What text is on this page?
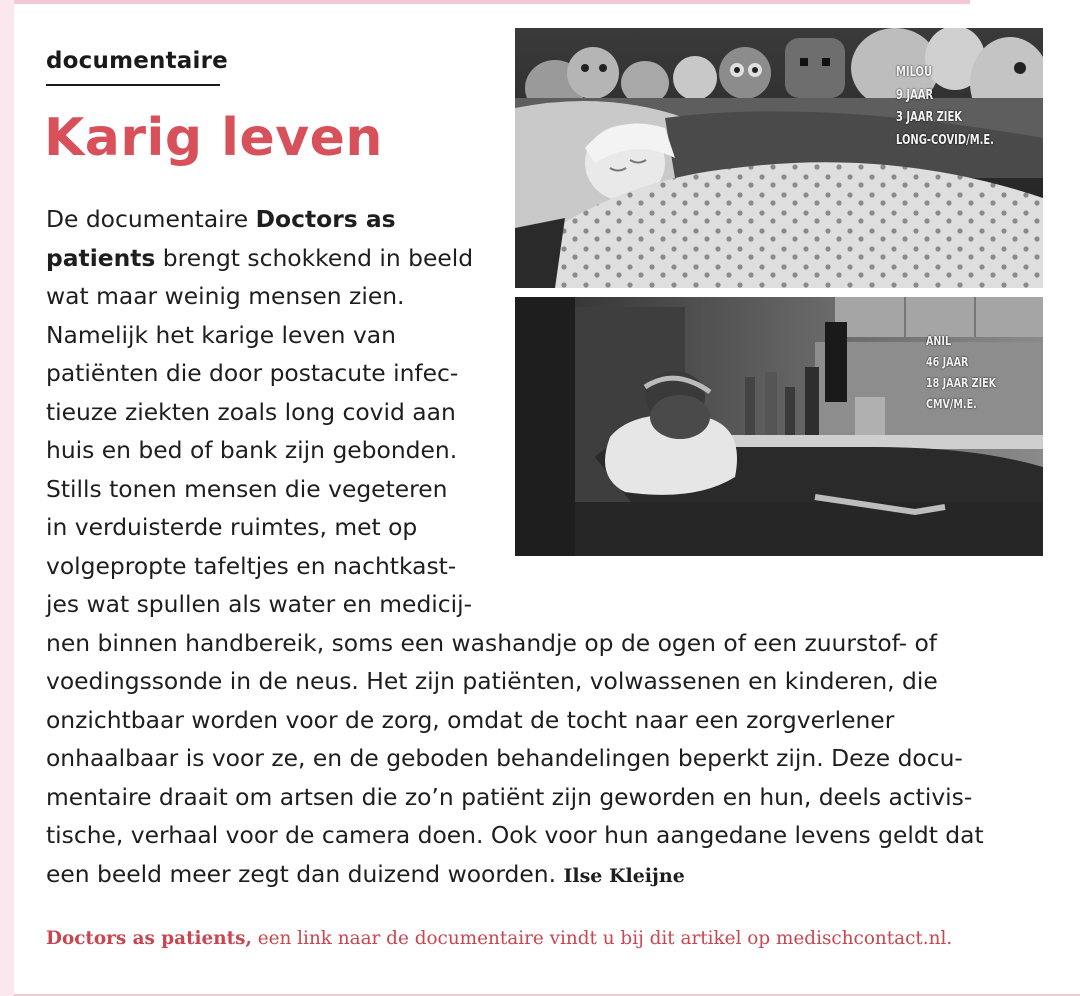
documentaire
Karig leven
De documentaire Doctors as
patients brengt schokkend in beeld
wat maar weinig mensen zien.
Namelijk het karige leven van
patiënten die door postacute infec-
tieuze ziekten zoals long covid aan
huis en bed of bank zijn gebonden.
Stills tonen mensen die vegeteren
in verduisterde ruimtes, met op
volgepropte tafeltjes en nachtkast-
jes wat spullen als water en medicij-
nen binnen handbereik, soms een washandje op de ogen of een zuurstof- of
voedingssonde in de neus. Het zijn patiënten, volwassenen en kinderen, die
onzichtbaar worden voor de zorg, omdat de tocht naar een zorgverlener
onhaalbaar is voor ze, en de geboden behandelingen beperkt zijn. Deze docu-
mentaire draait om artsen die zo’n patiënt zijn geworden en hun, deels activis-
tische, verhaal voor de camera doen. Ook voor hun aangedane levens geldt dat
een beeld meer zegt dan duizend woorden. Ilse Kleijne
Doctors as patients, een link naar de documentaire vindt u bij dit artikel op medischcontact.nl.
MILOU
9 JAAR
3 JAAR ZIEK
LONG-COVID/M.E.
ANIL
46 JAAR
18 JAAR ZIEK
CMV/M.E.
